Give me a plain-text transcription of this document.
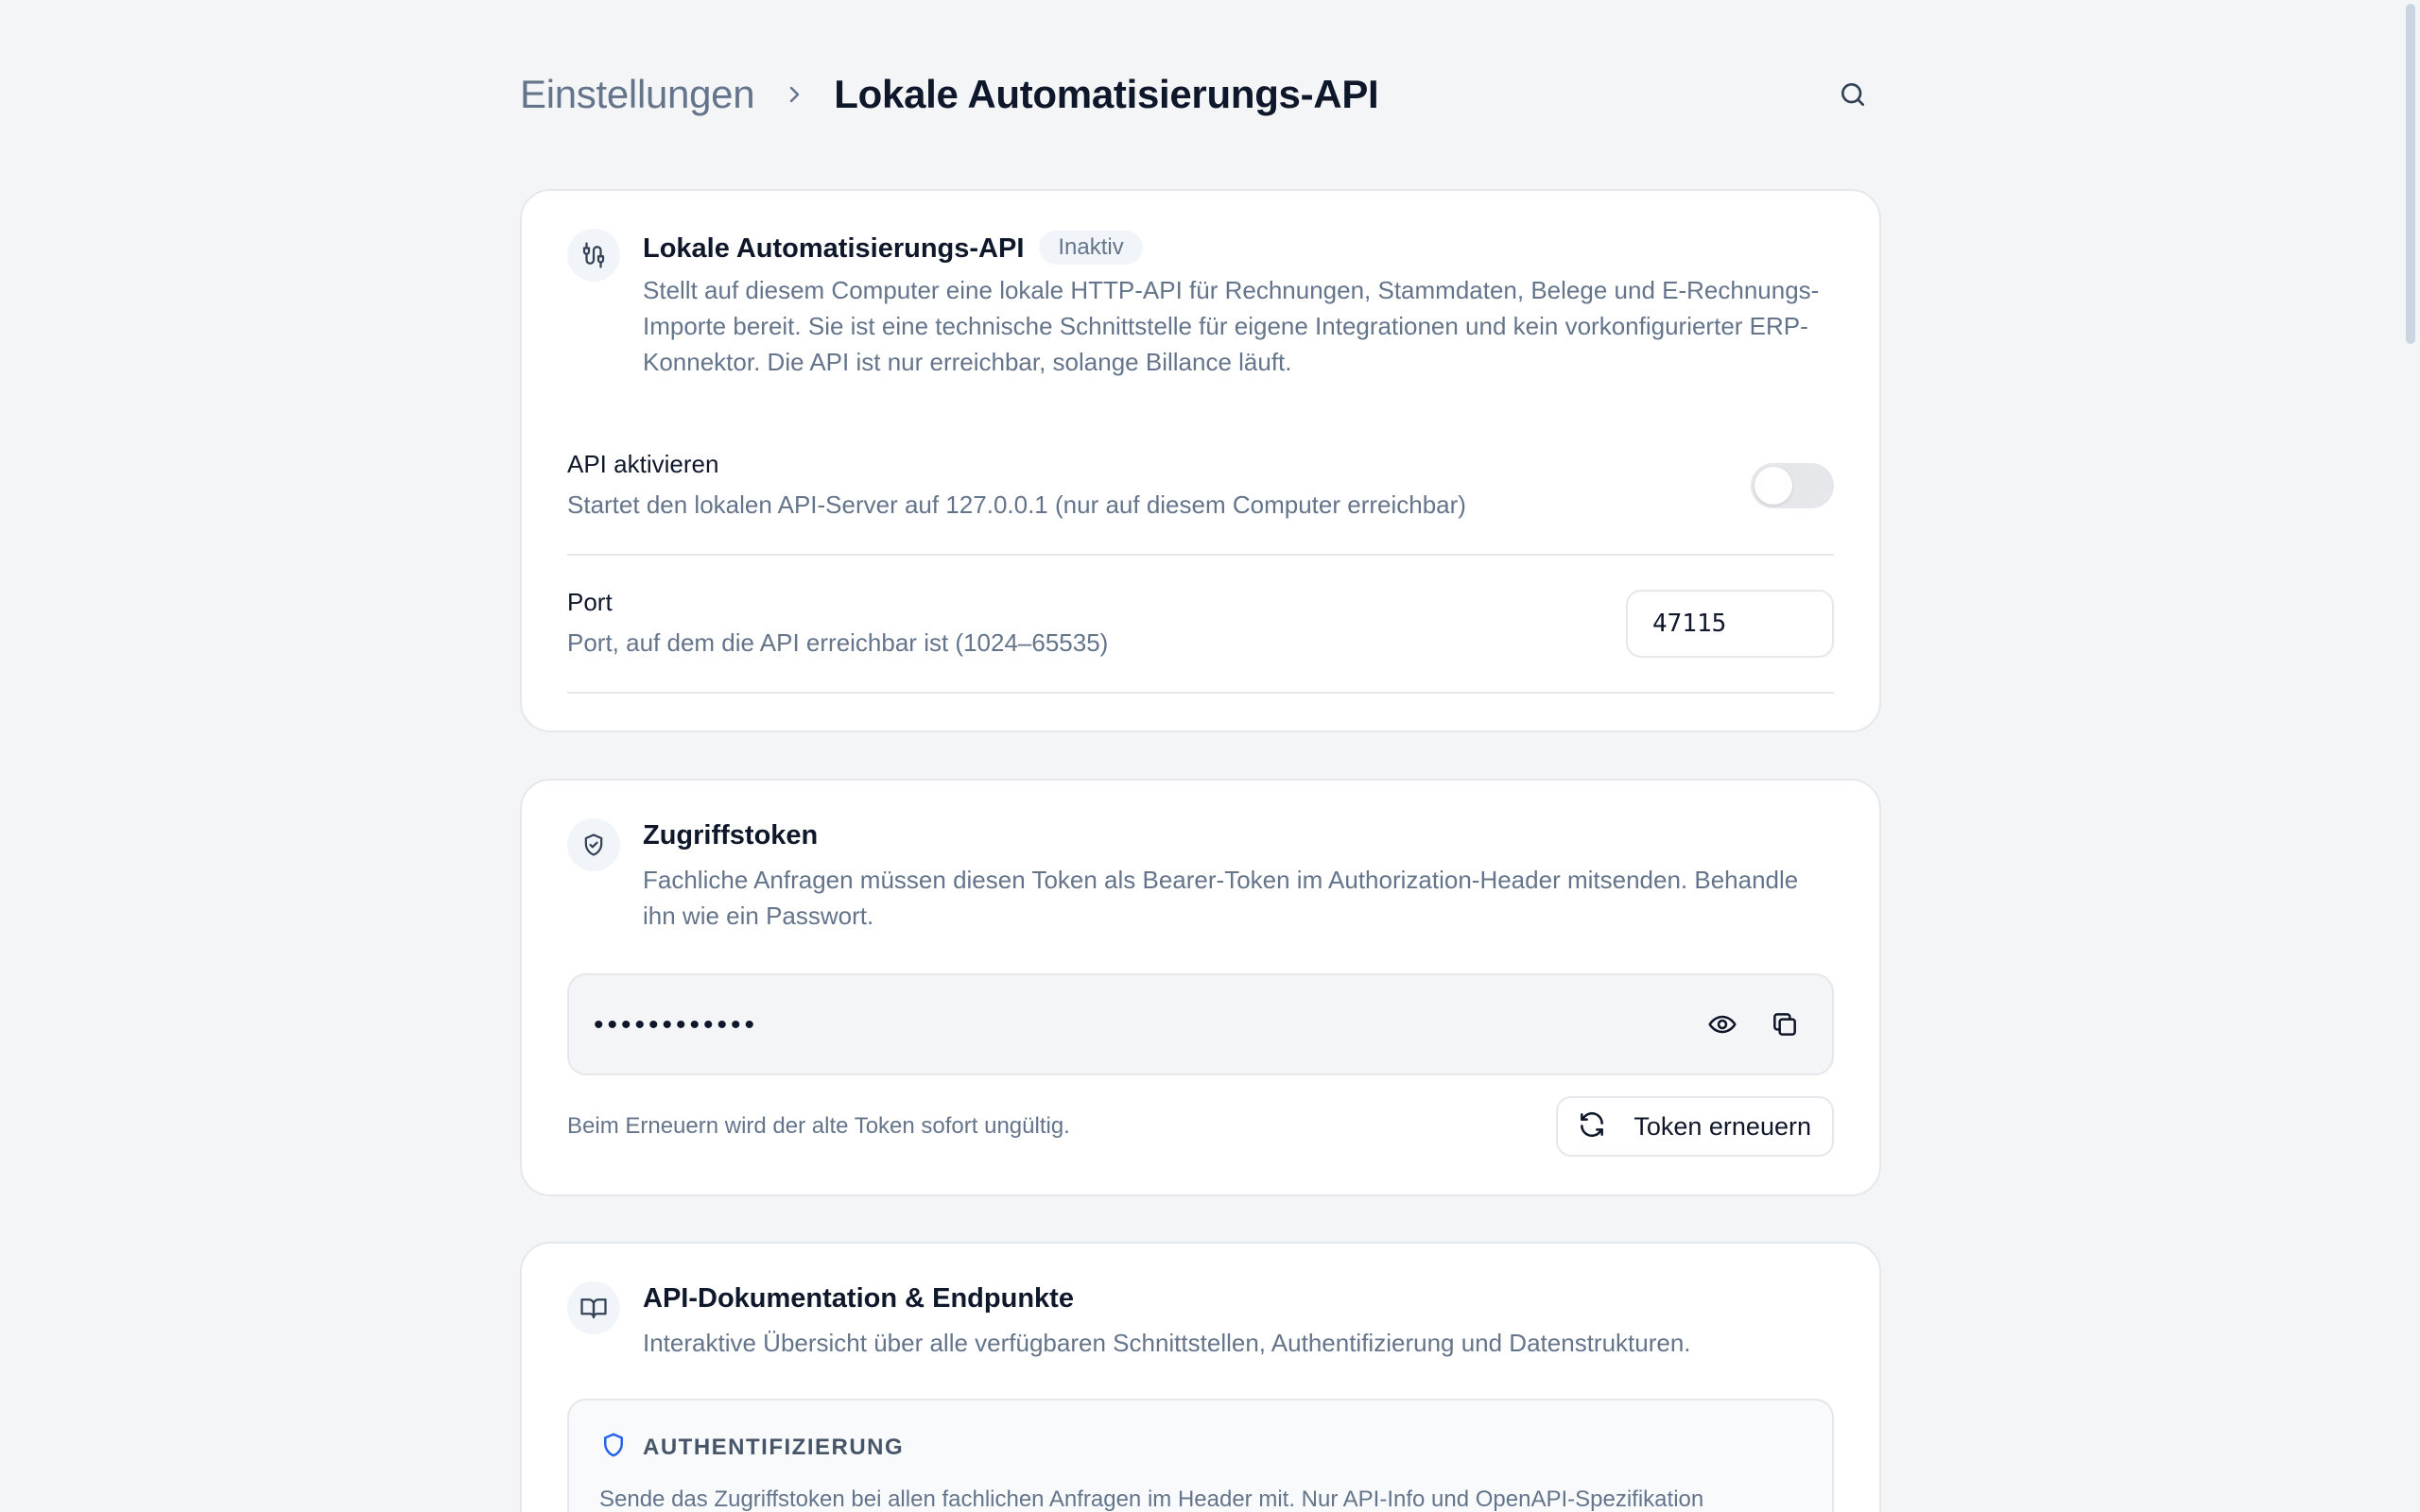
Einstellungen Lokale Automatisierungs-API
Lokale Automatisierungs-API Inaktiv
Stellt auf diesem Computer eine lokale HTTP-API für Rechnungen, Stammdaten, Belege und E-Rechnungs-Importe bereit. Sie ist eine technische Schnittstelle für eigene Integrationen und kein vorkonfigurierter ERP-Konnektor. Die API ist nur erreichbar, solange Billance läuft.
API aktivieren
Startet den lokalen API-Server auf 127.0.0.1 (nur auf diesem Computer erreichbar)
Port
Port, auf dem die API erreichbar ist (1024–65535)
47115
Zugriffstoken
Fachliche Anfragen müssen diesen Token als Bearer-Token im Authorization-Header mitsenden. Behandle ihn wie ein Passwort.
••••••••••••
Beim Erneuern wird der alte Token sofort ungültig.	Token erneuern
API-Dokumentation & Endpunkte
Interaktive Übersicht über alle verfügbaren Schnittstellen, Authentifizierung und Datenstrukturen.
AUTHENTIFIZIERUNG
Sende das Zugriffstoken bei allen fachlichen Anfragen im Header mit. Nur API-Info und OpenAPI-Spezifikation
